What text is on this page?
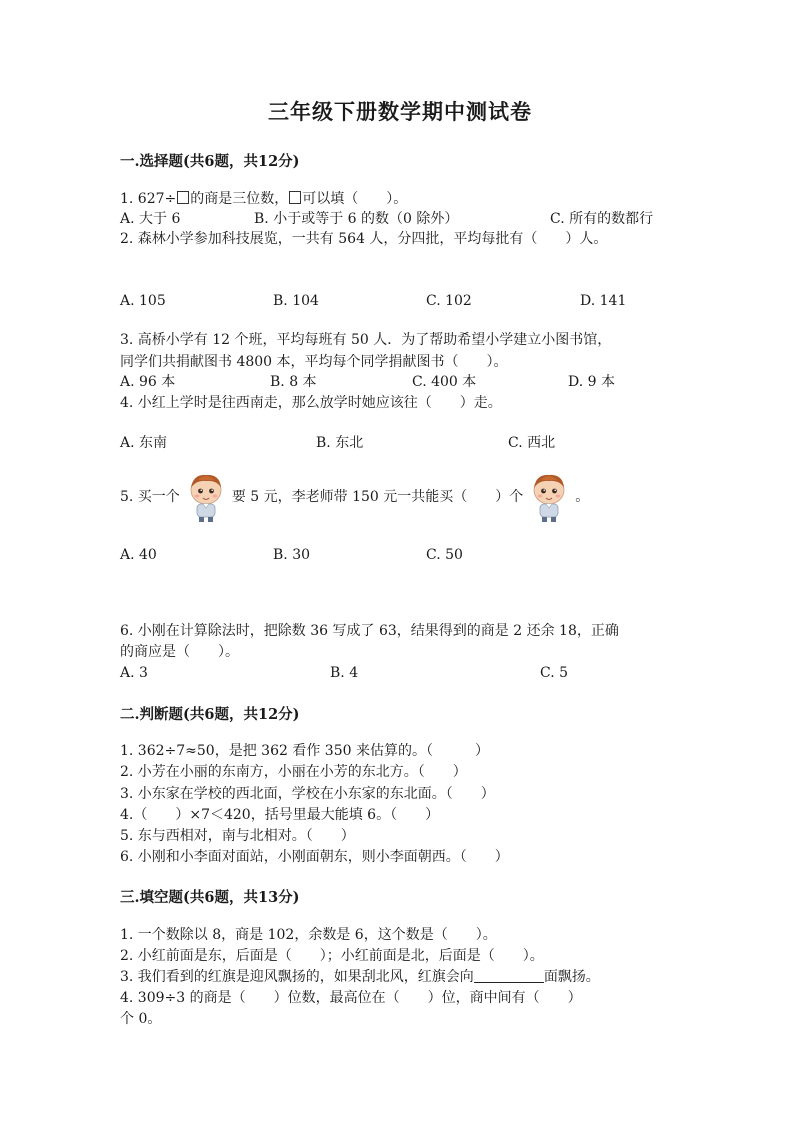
三年级下册数学期中测试卷
一.选择题(共6题，共12分)
1. 627÷ 的商是三位数， 可以填（　　）。
A. 大于 6	B. 小于或等于 6 的数（0 除外）	C. 所有的数都行
2. 森林小学参加科技展览，一共有 564 人，分四批，平均每批有（　　）人。
A. 105	B. 104	C. 102	D. 141
3. 高桥小学有 12 个班，平均每班有 50 人．为了帮助希望小学建立小图书馆，
同学们共捐献图书 4800 本，平均每个同学捐献图书（　　）。
A. 96 本	B. 8 本	C. 400 本	D. 9 本
4. 小红上学时是往西南走，那么放学时她应该往（　　）走。
A. 东南	B. 东北	C. 西北
5. 买一个	要 5 元，李老师带 150 元一共能买（　　）个	。
A. 40	B. 30	C. 50
6. 小刚在计算除法时，把除数 36 写成了 63，结果得到的商是 2 还余 18，正确
的商应是（　　）。
A. 3	B. 4	C. 5
二.判断题(共6题，共12分)
1. 362÷7≈50，是把 362 看作 350 来估算的。（　　　）
2. 小芳在小丽的东南方，小丽在小芳的东北方。（　　）
3. 小东家在学校的西北面，学校在小东家的东北面。（　　）
4.（　　）×7＜420，括号里最大能填 6。（　　）
5. 东与西相对，南与北相对。（　　）
6. 小刚和小李面对面站，小刚面朝东，则小李面朝西。（　　）
三.填空题(共6题，共13分)
1. 一个数除以 8，商是 102，余数是 6，这个数是（　　）。
2. 小红前面是东，后面是（　　）；小红前面是北，后面是（　　）。
3. 我们看到的红旗是迎风飘扬的，如果刮北风，红旗会向	面飘扬。
4. 309÷3 的商是（　　）位数，最高位在（　　）位，商中间有（　　）
个 0。
